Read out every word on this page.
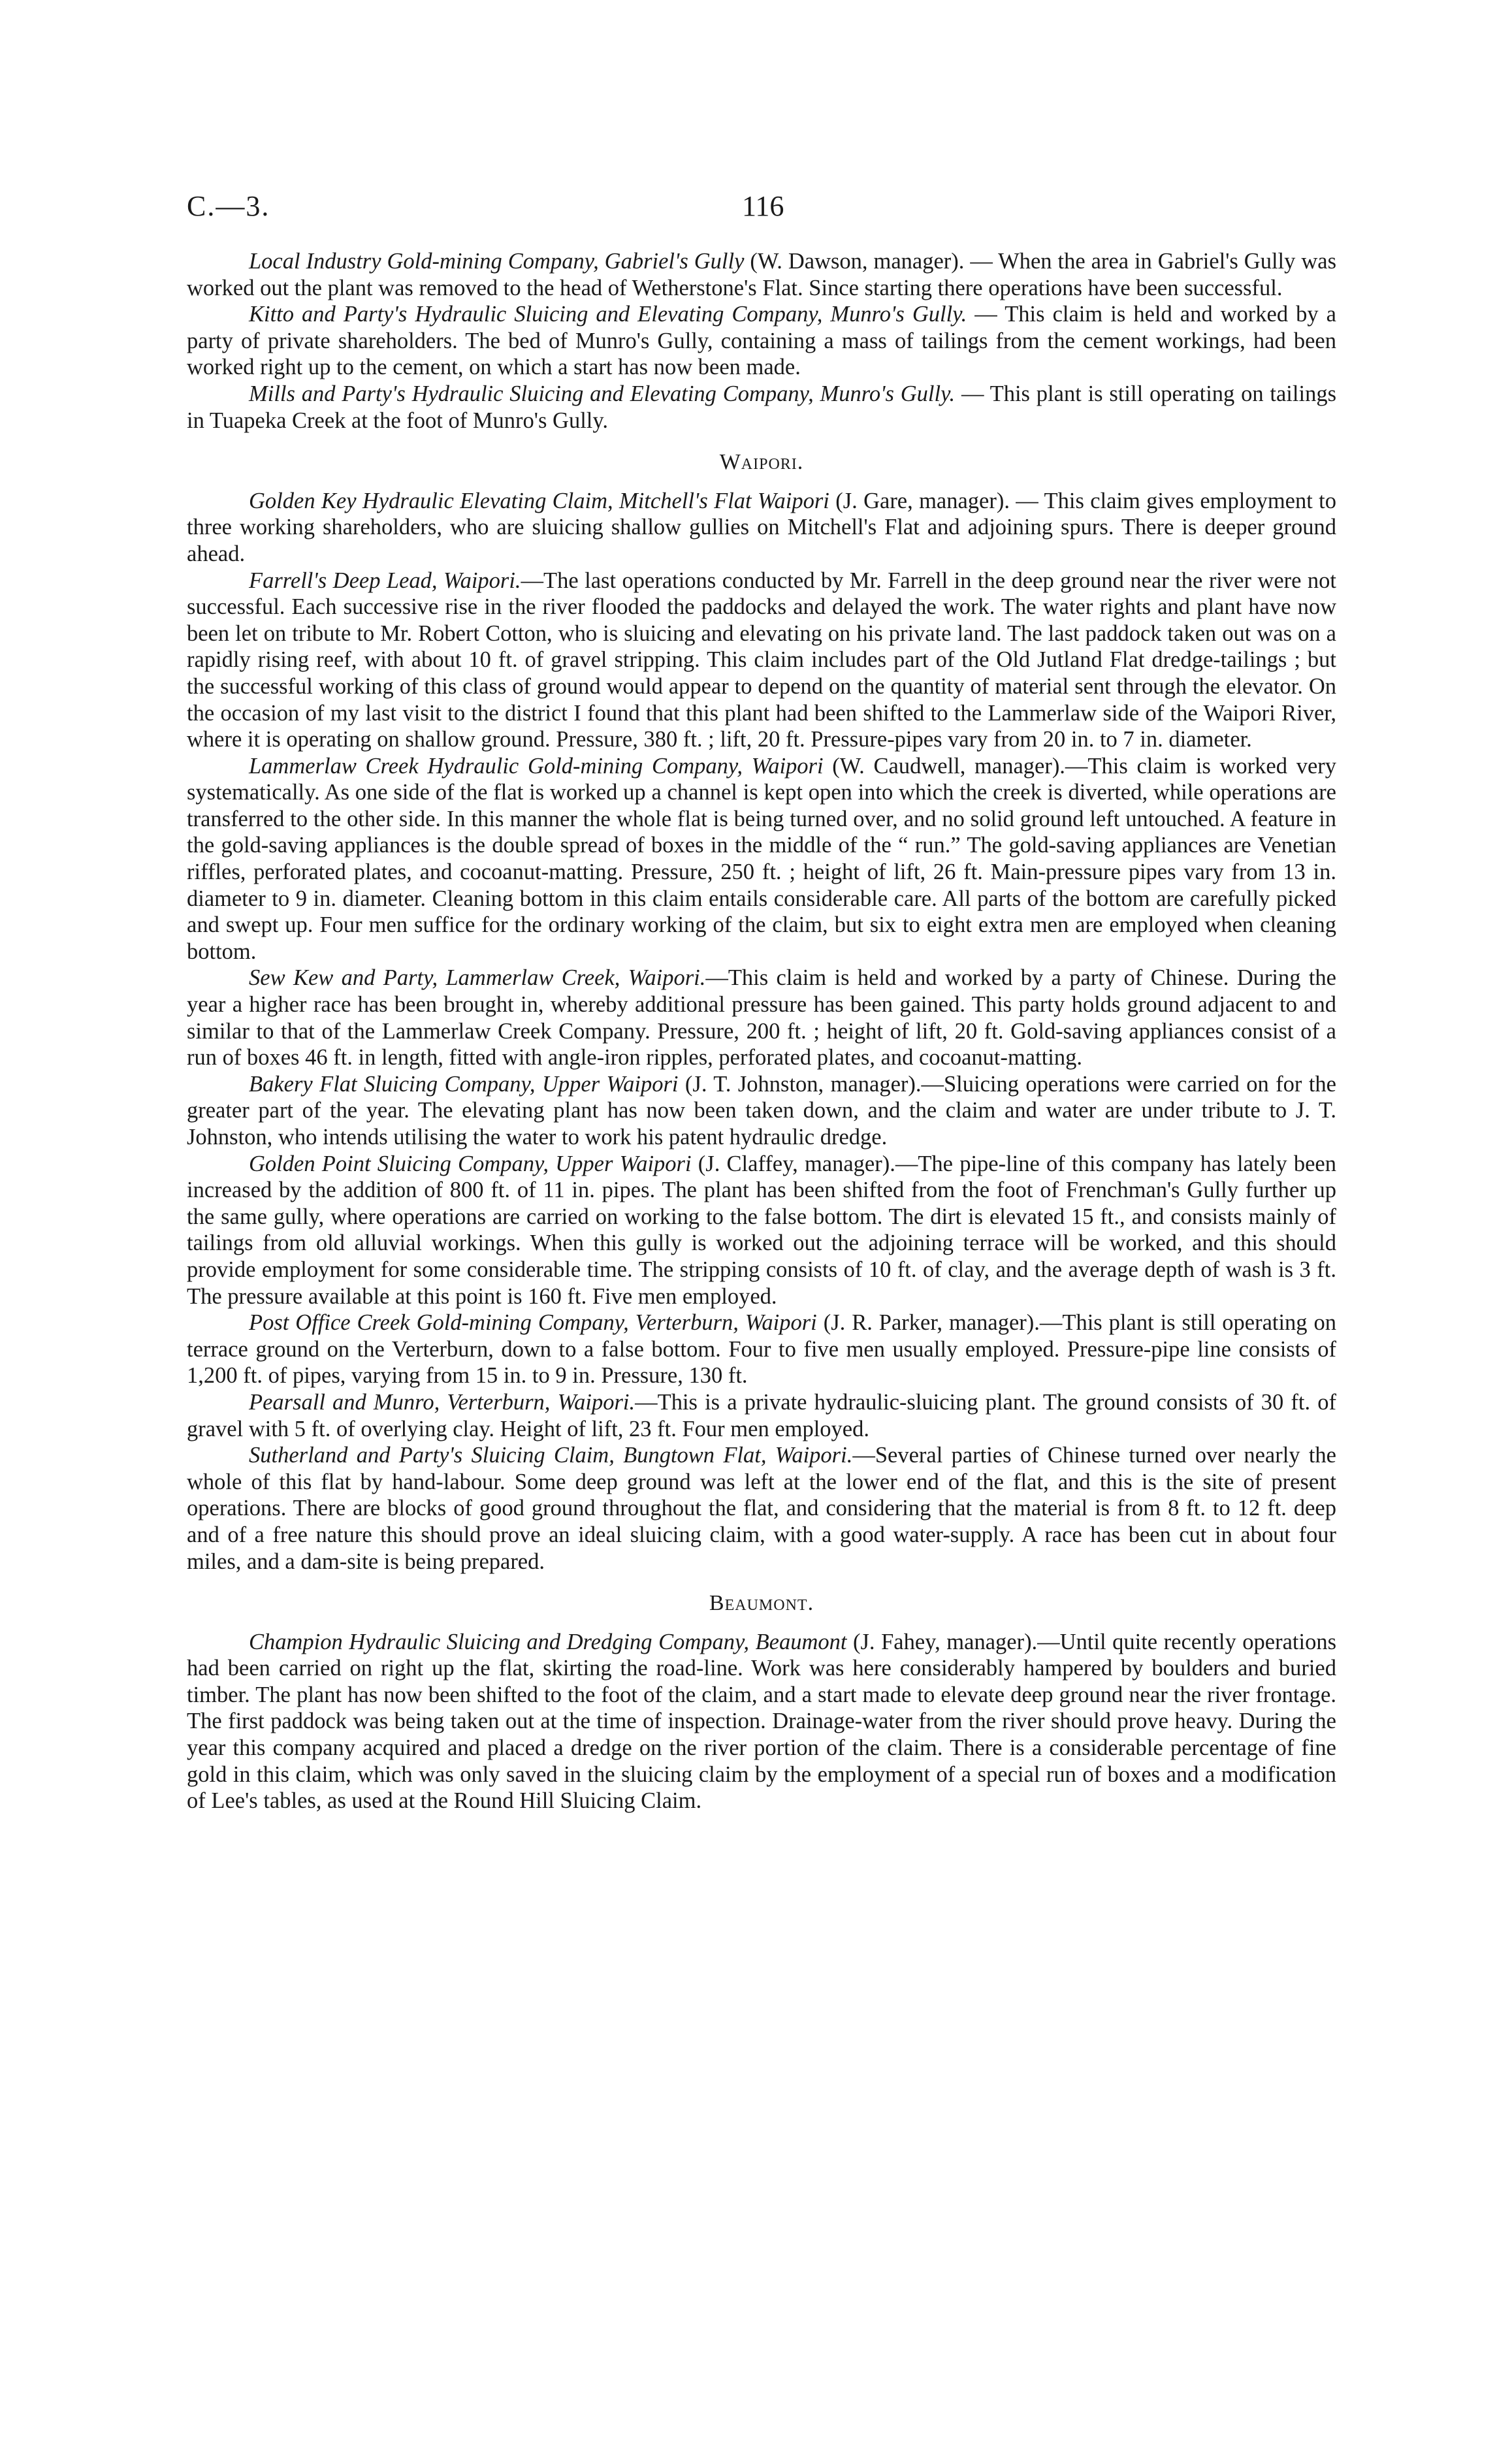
C.—3.	116

Local Industry Gold-mining Company, Gabriel's Gully (W. Dawson, manager). — When the area in Gabriel's Gully was worked out the plant was removed to the head of Wetherstone's Flat. Since starting there operations have been successful.

Kitto and Party's Hydraulic Sluicing and Elevating Company, Munro's Gully. — This claim is held and worked by a party of private shareholders. The bed of Munro's Gully, containing a mass of tailings from the cement workings, had been worked right up to the cement, on which a start has now been made.

Mills and Party's Hydraulic Sluicing and Elevating Company, Munro's Gully. — This plant is still operating on tailings in Tuapeka Creek at the foot of Munro's Gully.

Waipori.

Golden Key Hydraulic Elevating Claim, Mitchell's Flat Waipori (J. Gare, manager). — This claim gives employment to three working shareholders, who are sluicing shallow gullies on Mitchell's Flat and adjoining spurs. There is deeper ground ahead.

Farrell's Deep Lead, Waipori.—The last operations conducted by Mr. Farrell in the deep ground near the river were not successful. Each successive rise in the river flooded the paddocks and delayed the work. The water rights and plant have now been let on tribute to Mr. Robert Cotton, who is sluicing and elevating on his private land. The last paddock taken out was on a rapidly rising reef, with about 10 ft. of gravel stripping. This claim includes part of the Old Jutland Flat dredge-tailings ; but the successful working of this class of ground would appear to depend on the quantity of material sent through the elevator. On the occasion of my last visit to the district I found that this plant had been shifted to the Lammerlaw side of the Waipori River, where it is operating on shallow ground. Pressure, 380 ft. ; lift, 20 ft. Pressure-pipes vary from 20 in. to 7 in. diameter.

Lammerlaw Creek Hydraulic Gold-mining Company, Waipori (W. Caudwell, manager).—This claim is worked very systematically. As one side of the flat is worked up a channel is kept open into which the creek is diverted, while operations are transferred to the other side. In this manner the whole flat is being turned over, and no solid ground left untouched. A feature in the gold-saving appliances is the double spread of boxes in the middle of the “ run.” The gold-saving appliances are Venetian riffles, perforated plates, and cocoanut-matting. Pressure, 250 ft. ; height of lift, 26 ft. Main-pressure pipes vary from 13 in. diameter to 9 in. diameter. Cleaning bottom in this claim entails considerable care. All parts of the bottom are carefully picked and swept up. Four men suffice for the ordinary working of the claim, but six to eight extra men are employed when cleaning bottom.

Sew Kew and Party, Lammerlaw Creek, Waipori.—This claim is held and worked by a party of Chinese. During the year a higher race has been brought in, whereby additional pressure has been gained. This party holds ground adjacent to and similar to that of the Lammerlaw Creek Company. Pressure, 200 ft. ; height of lift, 20 ft. Gold-saving appliances consist of a run of boxes 46 ft. in length, fitted with angle-iron ripples, perforated plates, and cocoanut-matting.

Bakery Flat Sluicing Company, Upper Waipori (J. T. Johnston, manager).—Sluicing operations were carried on for the greater part of the year. The elevating plant has now been taken down, and the claim and water are under tribute to J. T. Johnston, who intends utilising the water to work his patent hydraulic dredge.

Golden Point Sluicing Company, Upper Waipori (J. Claffey, manager).—The pipe-line of this company has lately been increased by the addition of 800 ft. of 11 in. pipes. The plant has been shifted from the foot of Frenchman's Gully further up the same gully, where operations are carried on working to the false bottom. The dirt is elevated 15 ft., and consists mainly of tailings from old alluvial workings. When this gully is worked out the adjoining terrace will be worked, and this should provide employment for some considerable time. The stripping consists of 10 ft. of clay, and the average depth of wash is 3 ft. The pressure available at this point is 160 ft. Five men employed.

Post Office Creek Gold-mining Company, Verterburn, Waipori (J. R. Parker, manager).—This plant is still operating on terrace ground on the Verterburn, down to a false bottom. Four to five men usually employed. Pressure-pipe line consists of 1,200 ft. of pipes, varying from 15 in. to 9 in. Pressure, 130 ft.

Pearsall and Munro, Verterburn, Waipori.—This is a private hydraulic-sluicing plant. The ground consists of 30 ft. of gravel with 5 ft. of overlying clay. Height of lift, 23 ft. Four men employed.

Sutherland and Party's Sluicing Claim, Bungtown Flat, Waipori.—Several parties of Chinese turned over nearly the whole of this flat by hand-labour. Some deep ground was left at the lower end of the flat, and this is the site of present operations. There are blocks of good ground throughout the flat, and considering that the material is from 8 ft. to 12 ft. deep and of a free nature this should prove an ideal sluicing claim, with a good water-supply. A race has been cut in about four miles, and a dam-site is being prepared.

Beaumont.

Champion Hydraulic Sluicing and Dredging Company, Beaumont (J. Fahey, manager).—Until quite recently operations had been carried on right up the flat, skirting the road-line. Work was here considerably hampered by boulders and buried timber. The plant has now been shifted to the foot of the claim, and a start made to elevate deep ground near the river frontage. The first paddock was being taken out at the time of inspection. Drainage-water from the river should prove heavy. During the year this company acquired and placed a dredge on the river portion of the claim. There is a considerable percentage of fine gold in this claim, which was only saved in the sluicing claim by the employment of a special run of boxes and a modification of Lee's tables, as used at the Round Hill Sluicing Claim.
